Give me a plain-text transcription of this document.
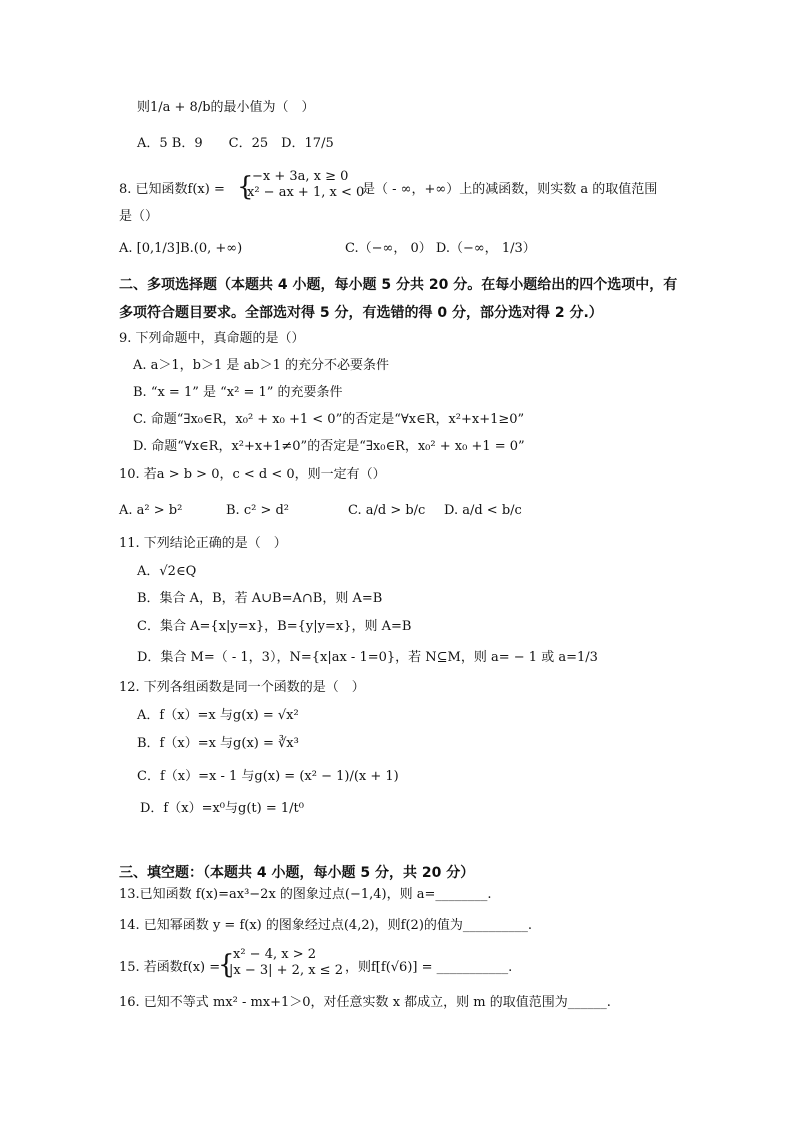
则1/a + 8/b的最小值为（　）
A．5 B．9　　C．25　D．17/5
8. 已知函数f(x) = {
−x + 3a, x ≥ 0
x² − ax + 1, x < 0
是（ - ∞，+∞）上的减函数，则实数 a 的取值范围
是（）
A. [0,1/3]B.(0, +∞)	C.（−∞， 0） D.（−∞， 1/3）
二、多项选择题（本题共 4 小题，每小题 5 分共 20 分。在每小题给出的四个选项中，有
多项符合题目要求。全部选对得 5 分，有选错的得 0 分，部分选对得 2 分.）
9. 下列命题中，真命题的是（）
A. a＞1，b＞1 是 ab＞1 的充分不必要条件
B. “x = 1” 是 “x² = 1” 的充要条件
C. 命题“∃x₀∈R，x₀² + x₀ +1 < 0”的否定是“∀x∈R，x²+x+1≥0”
D. 命题“∀x∈R，x²+x+1≠0”的否定是“∃x₀∈R，x₀² + x₀ +1 = 0”
10. 若a > b > 0，c < d < 0，则一定有（）
A. a² > b²	B. c² > d²	C. a/d > b/c D. a/d < b/c
11. 下列结论正确的是（　）
A．√2∈Q
B．集合 A，B，若 A∪B=A∩B，则 A=B
C．集合 A={x|y=x}，B={y|y=x}，则 A=B
D．集合 M=（ - 1，3），N={x|ax - 1=0}，若 N⊆M，则 a= − 1 或 a=1/3
12. 下列各组函数是同一个函数的是（　）
A．f（x）=x 与g(x) = √x²
B．f（x）=x 与g(x) = ∛x³
C．f（x）=x - 1 与g(x) = (x² − 1)/(x + 1)
D．f（x）=x⁰与g(t) = 1/t⁰
三、填空题：（本题共 4 小题，每小题 5 分，共 20 分）
13.已知函数 f(x)=ax³−2x 的图象过点(−1,4)，则 a=________.
14. 已知幂函数 y = f(x) 的图象经过点(4,2)，则f(2)的值为__________.
15. 若函数f(x) =
{
x² − 4, x > 2
|x − 3| + 2, x ≤ 2 ，则f[f(√6)] = ___________.
16. 已知不等式 mx² - mx+1＞0，对任意实数 x 都成立，则 m 的取值范围为______.
